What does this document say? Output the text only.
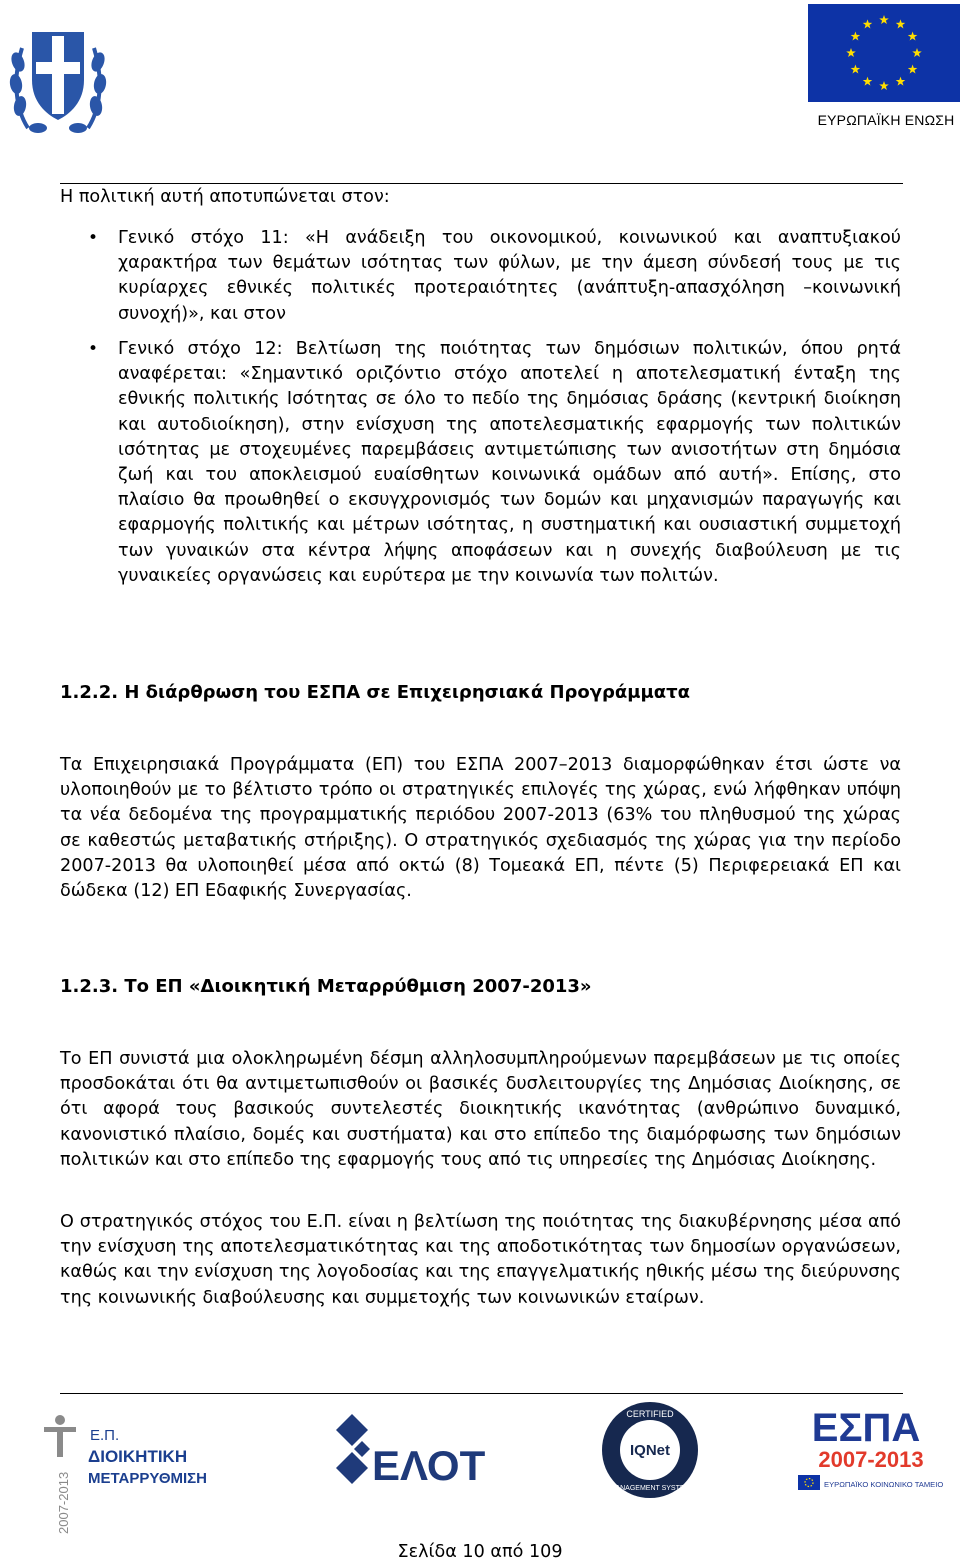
ΕΥΡΩΠΑΪΚΗ ΕΝΩΣΗ

Η πολιτική αυτή αποτυπώνεται στον:

• Γενικό στόχο 11: «Η ανάδειξη του οικονομικού, κοινωνικού και αναπτυξιακού χαρακτήρα των θεμάτων ισότητας των φύλων, με την άμεση σύνδεσή τους με τις κυρίαρχες εθνικές πολιτικές προτεραιότητες (ανάπτυξη-απασχόληση –κοινωνική συνοχή)», και στον

• Γενικό στόχο 12: Βελτίωση της ποιότητας των δημόσιων πολιτικών, όπου ρητά αναφέρεται: «Σημαντικό οριζόντιο στόχο αποτελεί η αποτελεσματική ένταξη της εθνικής πολιτικής Ισότητας σε όλο το πεδίο της δημόσιας δράσης (κεντρική διοίκηση και αυτοδιοίκηση), στην ενίσχυση της αποτελεσματικής εφαρμογής των πολιτικών ισότητας με στοχευμένες παρεμβάσεις αντιμετώπισης των ανισοτήτων στη δημόσια ζωή και του αποκλεισμού ευαίσθητων κοινωνικά ομάδων από αυτή». Επίσης, στο πλαίσιο θα προωθηθεί ο εκσυγχρονισμός των δομών και μηχανισμών παραγωγής και εφαρμογής πολιτικής και μέτρων ισότητας, η συστηματική και ουσιαστική συμμετοχή των γυναικών στα κέντρα λήψης αποφάσεων και η συνεχής διαβούλευση με τις γυναικείες οργανώσεις και ευρύτερα με την κοινωνία των πολιτών.

1.2.2. Η διάρθρωση του ΕΣΠΑ σε Επιχειρησιακά Προγράμματα

Τα Επιχειρησιακά Προγράμματα (ΕΠ) του ΕΣΠΑ 2007–2013 διαμορφώθηκαν έτσι ώστε να υλοποιηθούν με το βέλτιστο τρόπο οι στρατηγικές επιλογές της χώρας, ενώ λήφθηκαν υπόψη τα νέα δεδομένα της προγραμματικής περιόδου 2007-2013 (63% του πληθυσμού της χώρας σε καθεστώς μεταβατικής στήριξης). Ο στρατηγικός σχεδιασμός της χώρας για την περίοδο 2007-2013 θα υλοποιηθεί μέσα από οκτώ (8) Τομεακά ΕΠ, πέντε (5) Περιφερειακά ΕΠ και δώδεκα (12) ΕΠ Εδαφικής Συνεργασίας.

1.2.3. Το ΕΠ «Διοικητική Μεταρρύθμιση 2007-2013»

Το ΕΠ συνιστά μια ολοκληρωμένη δέσμη αλληλοσυμπληρούμενων παρεμβάσεων με τις οποίες προσδοκάται ότι θα αντιμετωπισθούν οι βασικές δυσλειτουργίες της Δημόσιας Διοίκησης, σε ότι αφορά τους βασικούς συντελεστές διοικητικής ικανότητας (ανθρώπινο δυναμικό, κανονιστικό πλαίσιο, δομές και συστήματα) και στο επίπεδο της διαμόρφωσης των δημόσιων πολιτικών και στο επίπεδο της εφαρμογής τους από τις υπηρεσίες της Δημόσιας Διοίκησης.

Ο στρατηγικός στόχος του Ε.Π. είναι η βελτίωση της ποιότητας της διακυβέρνησης μέσα από την ενίσχυση της αποτελεσματικότητας και της αποδοτικότητας των δημοσίων οργανώσεων, καθώς και την ενίσχυση της λογοδοσίας και της επαγγελματικής ηθικής μέσω της διεύρυνσης της κοινωνικής διαβούλευσης και συμμετοχής των κοινωνικών εταίρων.

2007-2013
Ε.Π.
ΔΙΟΙΚΗΤΙΚΗ
ΜΕΤΑΡΡΥΘΜΙΣΗ	ΕΛΟΤ
CERTIFIED
MANAGEMENT SYSTEM
IQNet
ΕΣΠΑ
2007-2013
ΕΥΡΩΠΑΪΚΟ ΚΟΙΝΩΝΙΚΟ ΤΑΜΕΙΟ
Σελίδα 10 από 109
